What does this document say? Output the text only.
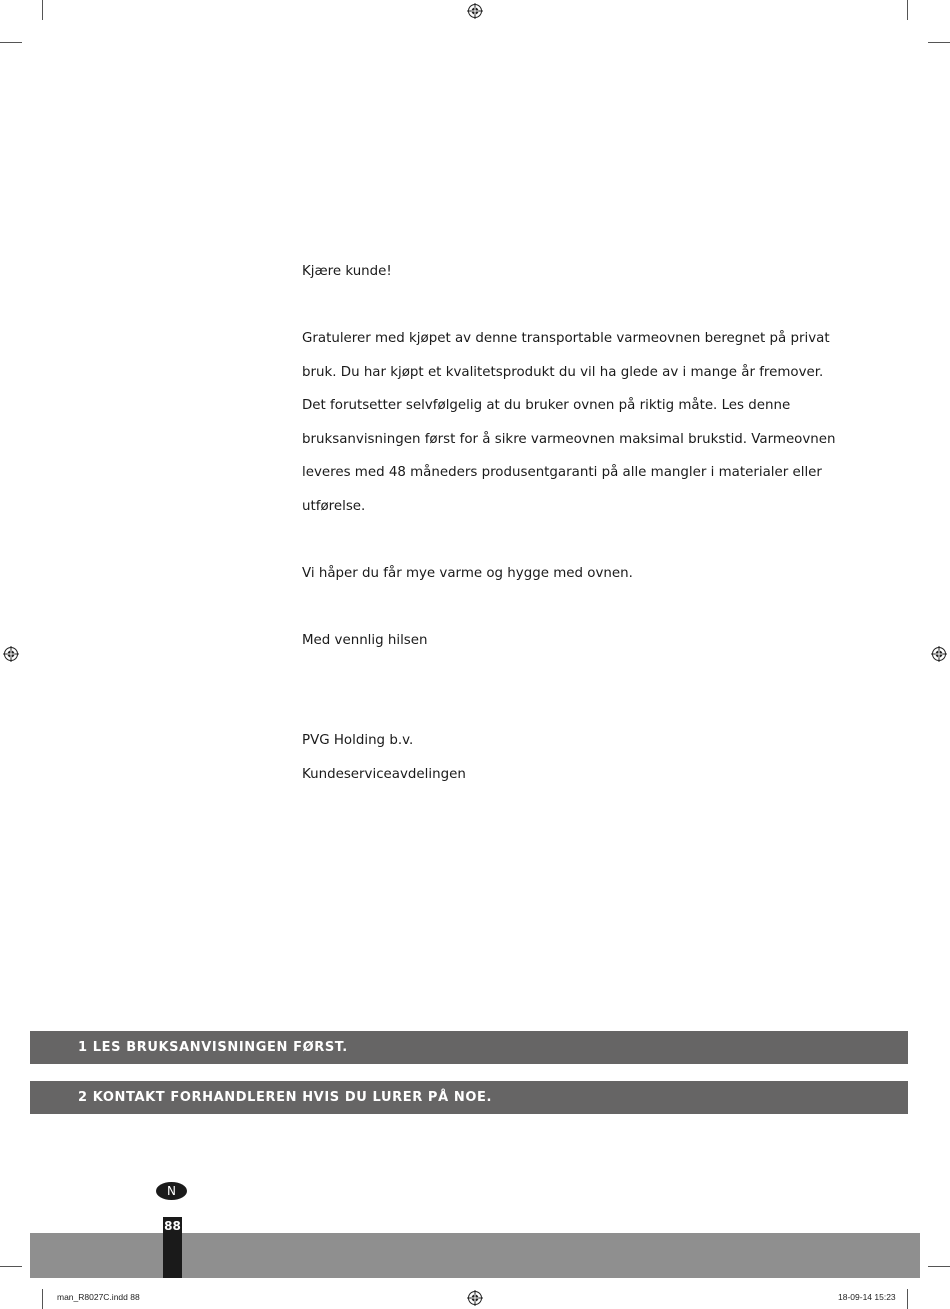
Kjære kunde!

Gratulerer med kjøpet av denne transportable varmeovnen beregnet på privat

bruk. Du har kjøpt et kvalitetsprodukt du vil ha glede av i mange år fremover.

Det forutsetter selvfølgelig at du bruker ovnen på riktig måte. Les denne

bruksanvisningen først for å sikre varmeovnen maksimal brukstid. Varmeovnen

leveres med 48 måneders produsentgaranti på alle mangler i materialer eller

utførelse.

Vi håper du får mye varme og hygge med ovnen.

Med vennlig hilsen

PVG Holding b.v.

Kundeserviceavdelingen

1 LES BRUKSANVISNINGEN FØRST.
2 KONTAKT FORHANDLEREN HVIS DU LURER PÅ NOE.
N
88
man_R8027C.indd 88	18-09-14 15:23
